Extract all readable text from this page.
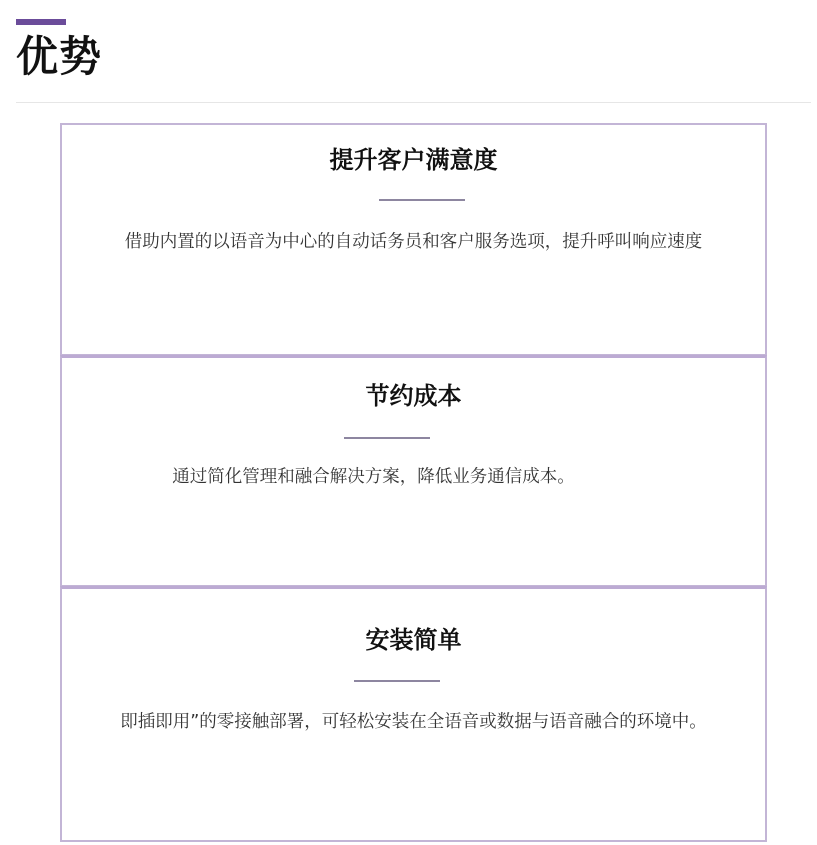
优势
提升客户满意度
借助内置的以语音为中心的自动话务员和客户服务选项，提升呼叫响应速度
节约成本
通过简化管理和融合解决方案，降低业务通信成本。
安装简单
即插即用”的零接触部署，可轻松安装在全语音或数据与语音融合的环境中。
